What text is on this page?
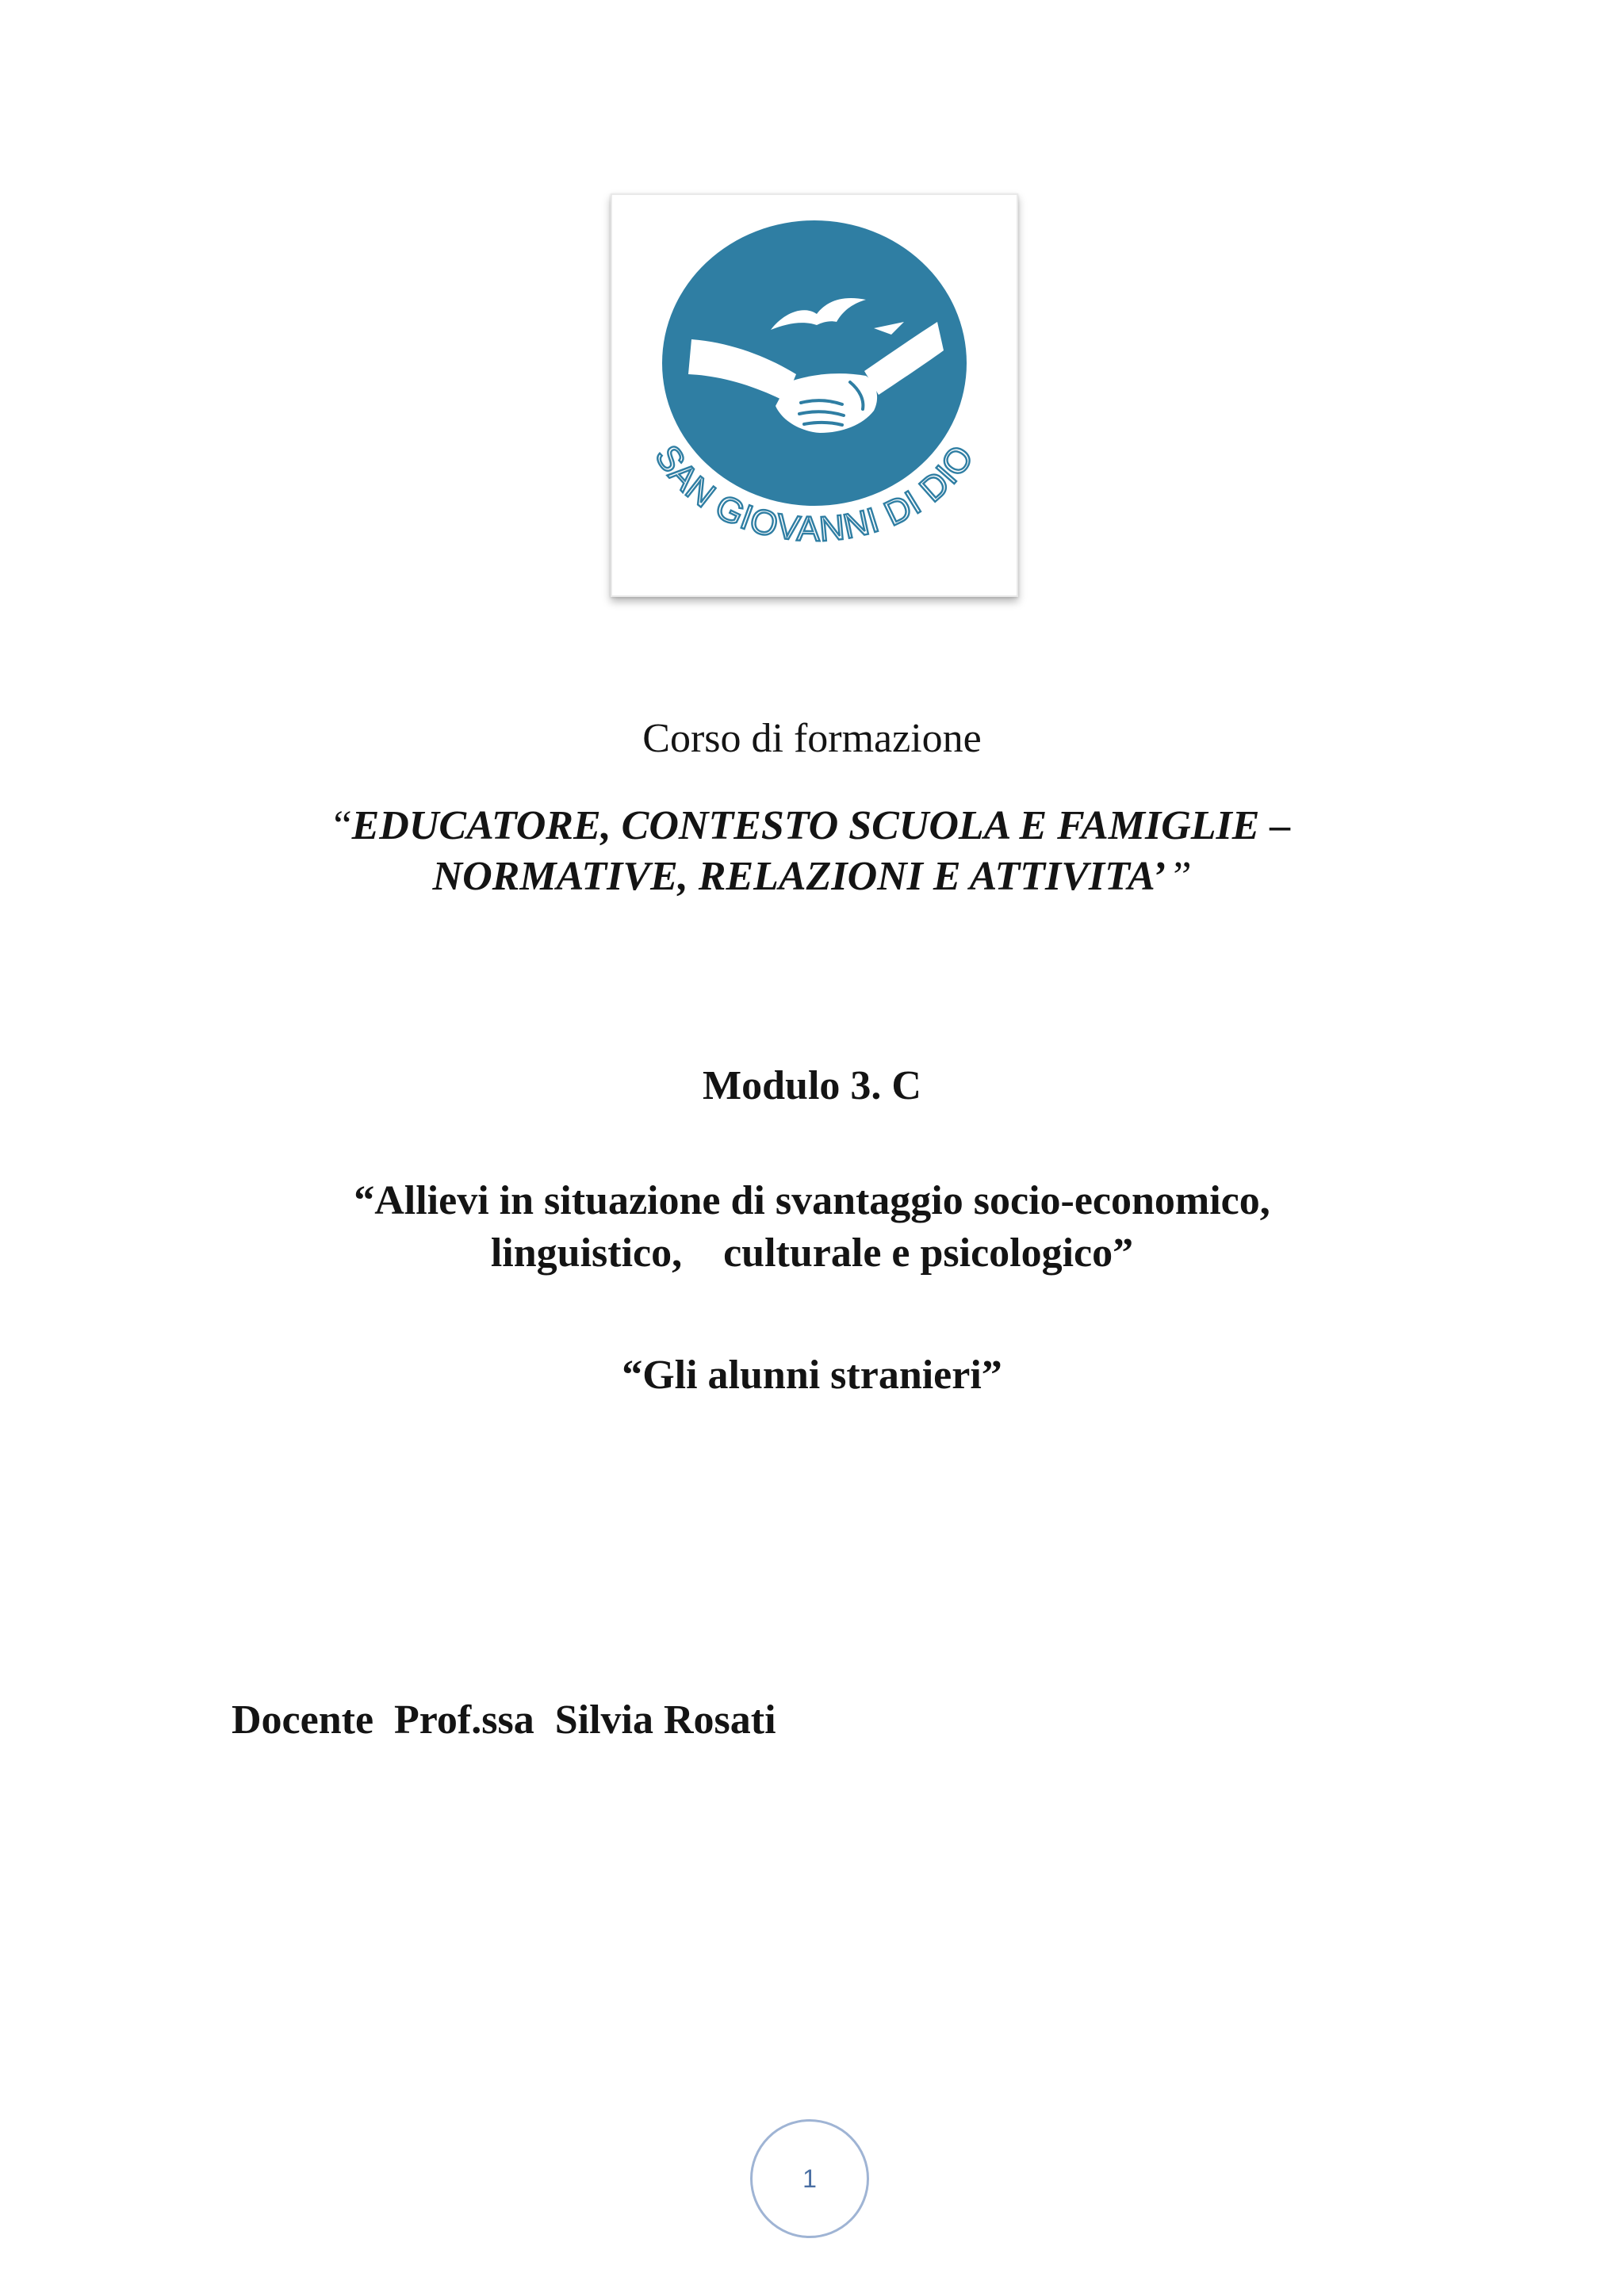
SAN GIOVANNI DI DIO
Corso di formazione
“EDUCATORE, CONTESTO SCUOLA E FAMIGLIE –
NORMATIVE, RELAZIONI E ATTIVITA’ ”
Modulo 3. C
“Allievi in situazione di svantaggio socio-economico,
linguistico,    culturale e psicologico”
“Gli alunni stranieri”
Docente  Prof.ssa  Silvia Rosati
1
